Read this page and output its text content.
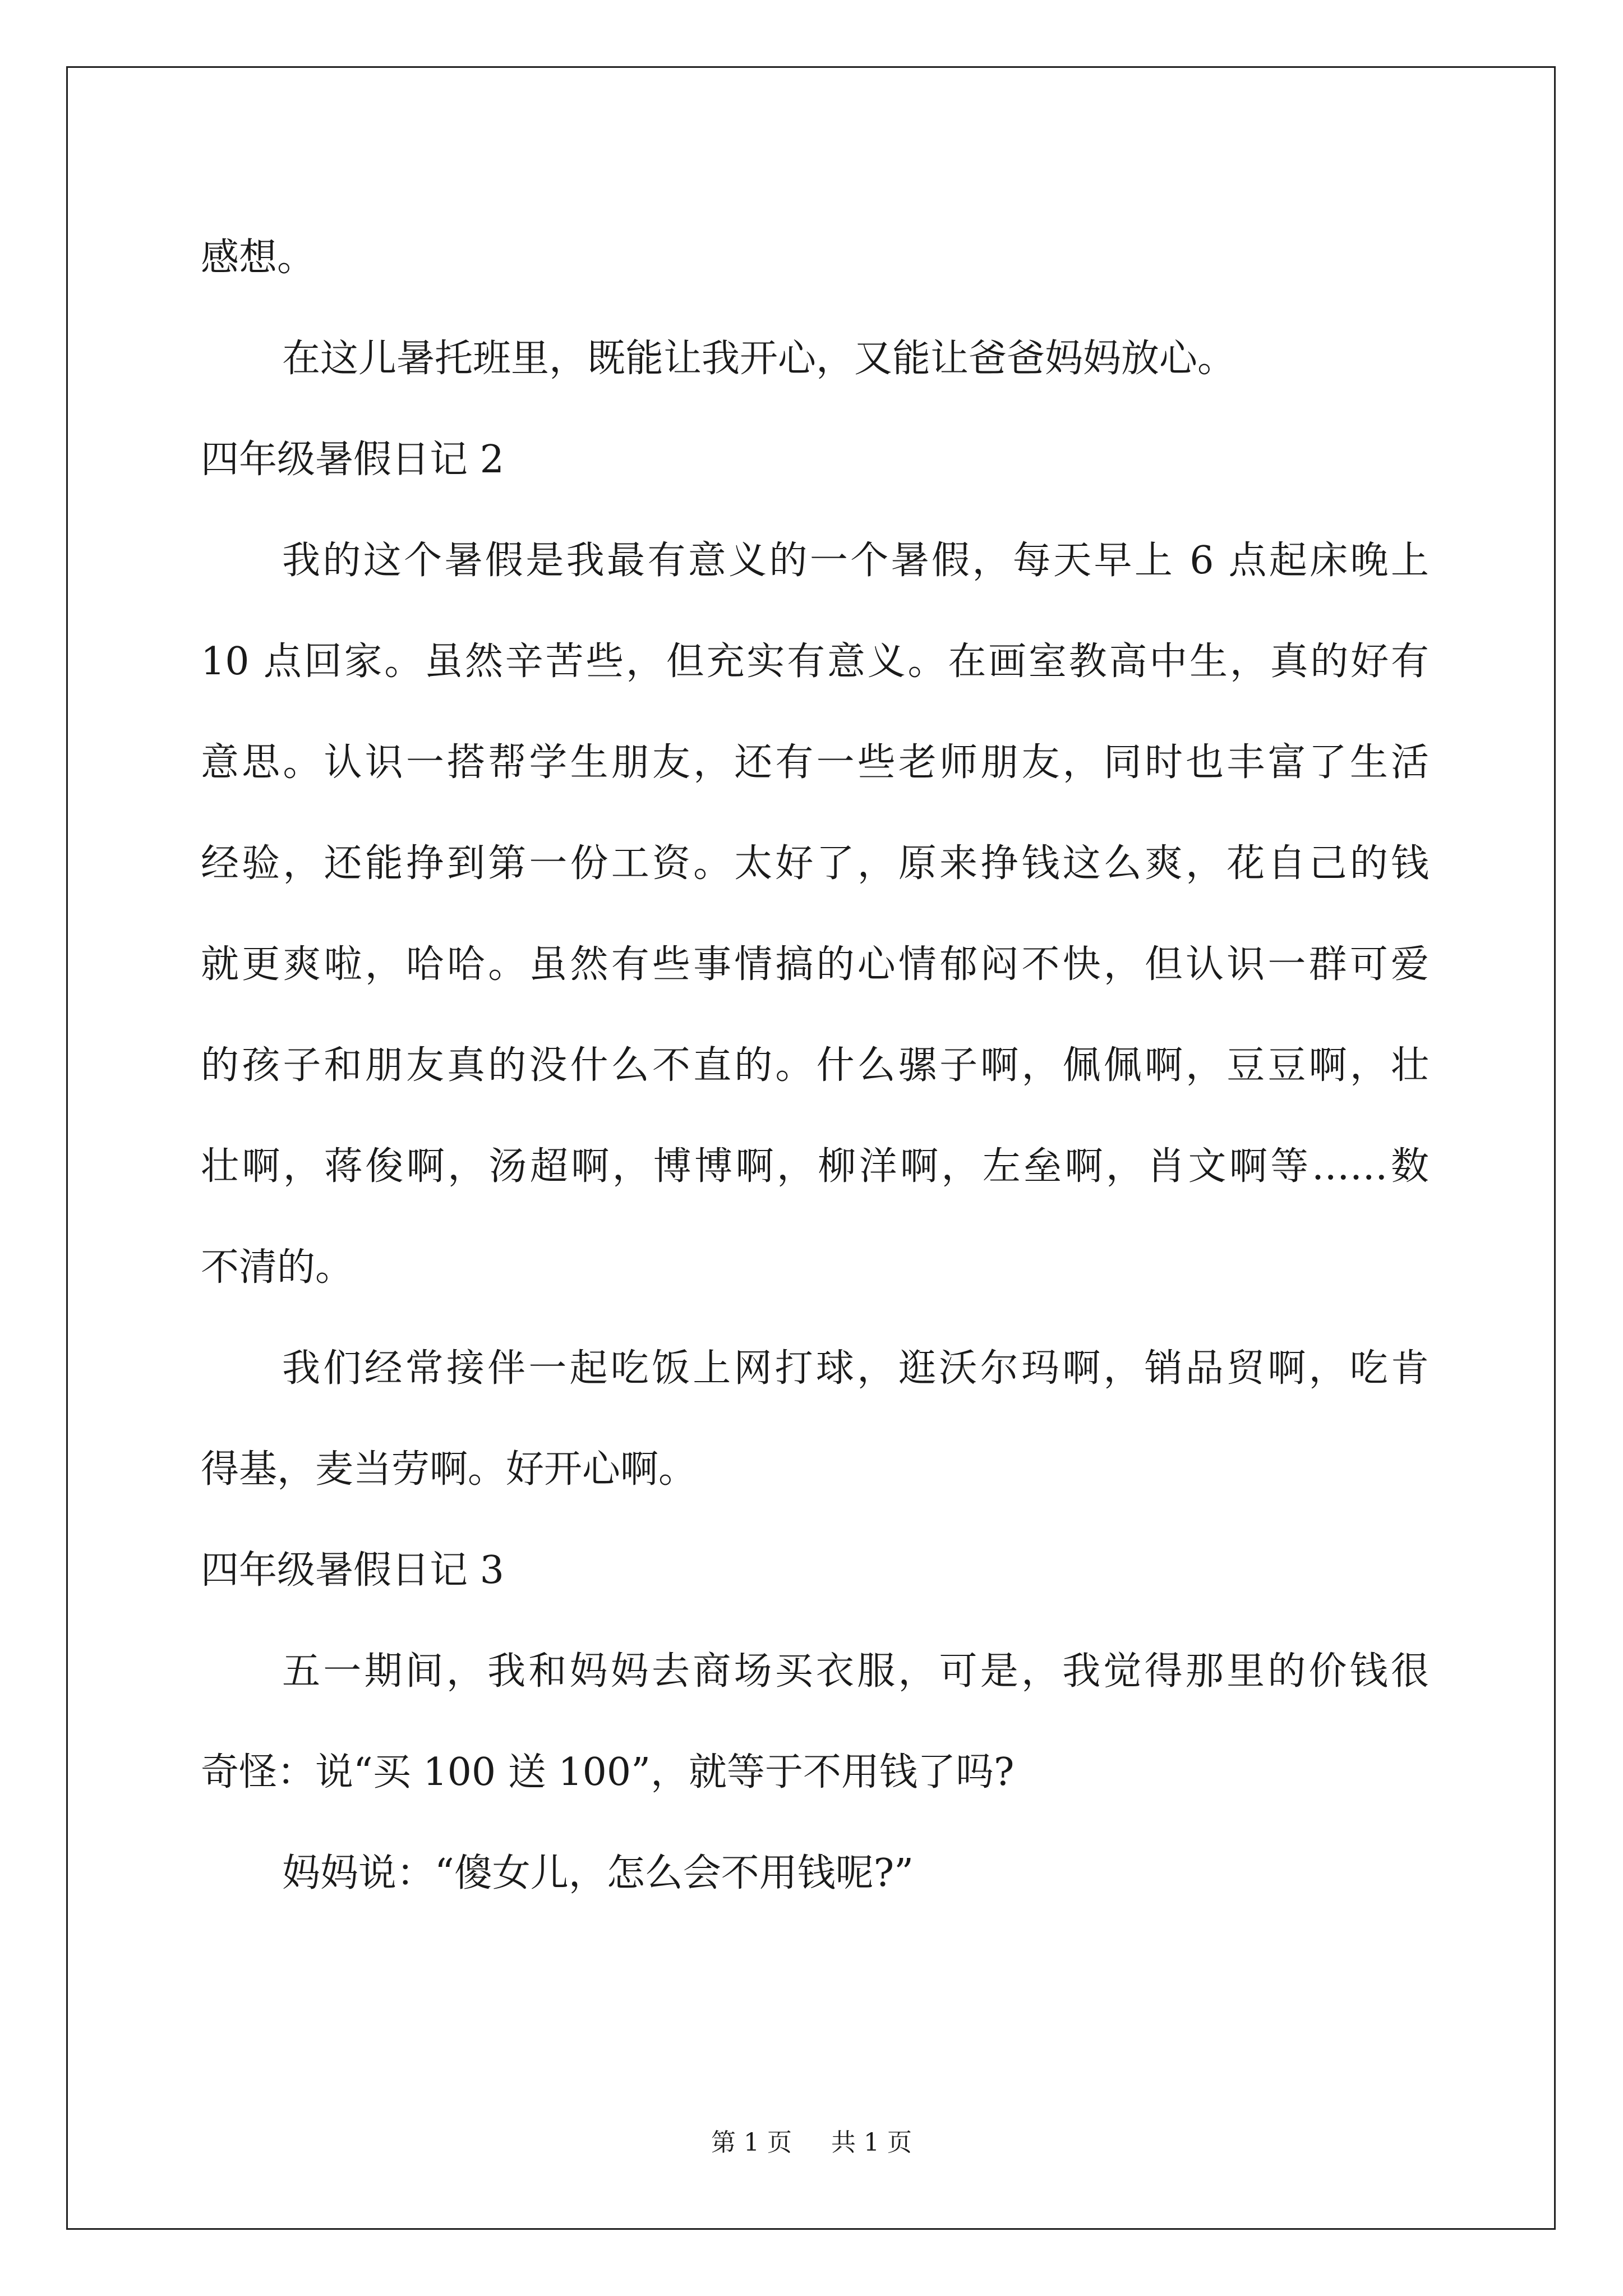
感想。
在这儿暑托班里，既能让我开心，又能让爸爸妈妈放心。
四年级暑假日记 2
我的这个暑假是我最有意义的一个暑假，每天早上 6 点起床晚上
10 点回家。虽然辛苦些，但充实有意义。在画室教高中生，真的好有
意思。认识一搭帮学生朋友，还有一些老师朋友，同时也丰富了生活
经验，还能挣到第一份工资。太好了，原来挣钱这么爽，花自己的钱
就更爽啦，哈哈。虽然有些事情搞的心情郁闷不快，但认识一群可爱
的孩子和朋友真的没什么不直的。什么骡子啊，佩佩啊，豆豆啊，壮
壮啊，蒋俊啊，汤超啊，博博啊，柳洋啊，左垒啊，肖文啊等……数
不清的。
我们经常接伴一起吃饭上网打球，逛沃尔玛啊，销品贸啊，吃肯
得基，麦当劳啊。好开心啊。
四年级暑假日记 3
五一期间，我和妈妈去商场买衣服，可是，我觉得那里的价钱很
奇怪：说“买 100 送 100”，就等于不用钱了吗?
妈妈说：“傻女儿，怎么会不用钱呢?”
第 1 页 共 1 页
